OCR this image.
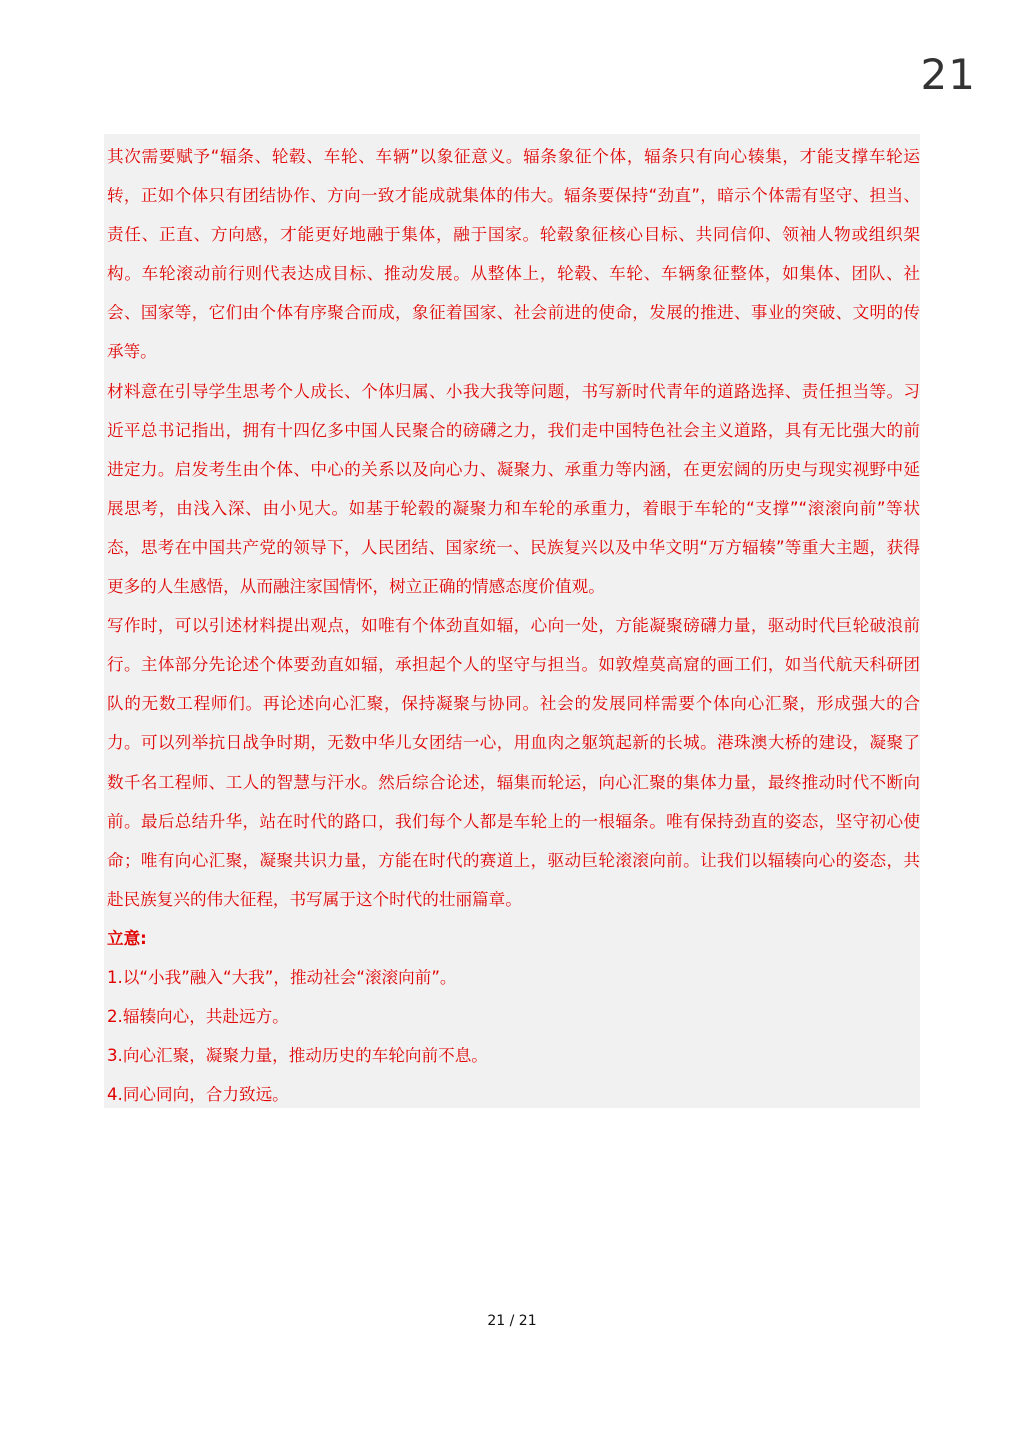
21

其次需要赋予“辐条、轮毂、车轮、车辆”以象征意义。辐条象征个体，辐条只有向心辏集，才能支撑车轮运转，正如个体只有团结协作、方向一致才能成就集体的伟大。辐条要保持“劲直”，暗示个体需有坚守、担当、责任、正直、方向感，才能更好地融于集体，融于国家。轮毂象征核心目标、共同信仰、领袖人物或组织架构。车轮滚动前行则代表达成目标、推动发展。从整体上，轮毂、车轮、车辆象征整体，如集体、团队、社会、国家等，它们由个体有序聚合而成，象征着国家、社会前进的使命，发展的推进、事业的突破、文明的传承等。

材料意在引导学生思考个人成长、个体归属、小我大我等问题，书写新时代青年的道路选择、责任担当等。习近平总书记指出，拥有十四亿多中国人民聚合的磅礴之力，我们走中国特色社会主义道路，具有无比强大的前进定力。启发考生由个体、中心的关系以及向心力、凝聚力、承重力等内涵，在更宏阔的历史与现实视野中延展思考，由浅入深、由小见大。如基于轮毂的凝聚力和车轮的承重力，着眼于车轮的“支撑”“滚滚向前”等状态，思考在中国共产党的领导下，人民团结、国家统一、民族复兴以及中华文明“万方辐辏”等重大主题，获得更多的人生感悟，从而融注家国情怀，树立正确的情感态度价值观。

写作时，可以引述材料提出观点，如唯有个体劲直如辐，心向一处，方能凝聚磅礴力量，驱动时代巨轮破浪前行。主体部分先论述个体要劲直如辐，承担起个人的坚守与担当。如敦煌莫高窟的画工们，如当代航天科研团队的无数工程师们。再论述向心汇聚，保持凝聚与协同。社会的发展同样需要个体向心汇聚，形成强大的合力。可以列举抗日战争时期，无数中华儿女团结一心，用血肉之躯筑起新的长城。港珠澳大桥的建设，凝聚了数千名工程师、工人的智慧与汗水。然后综合论述，辐集而轮运，向心汇聚的集体力量，最终推动时代不断向前。最后总结升华，站在时代的路口，我们每个人都是车轮上的一根辐条。唯有保持劲直的姿态，坚守初心使命；唯有向心汇聚，凝聚共识力量，方能在时代的赛道上，驱动巨轮滚滚向前。让我们以辐辏向心的姿态，共赴民族复兴的伟大征程，书写属于这个时代的壮丽篇章。

立意:

1.以“小我”融入“大我”，推动社会“滚滚向前”。

2.辐辏向心，共赴远方。

3.向心汇聚，凝聚力量，推动历史的车轮向前不息。

4.同心同向，合力致远。

21 / 21
